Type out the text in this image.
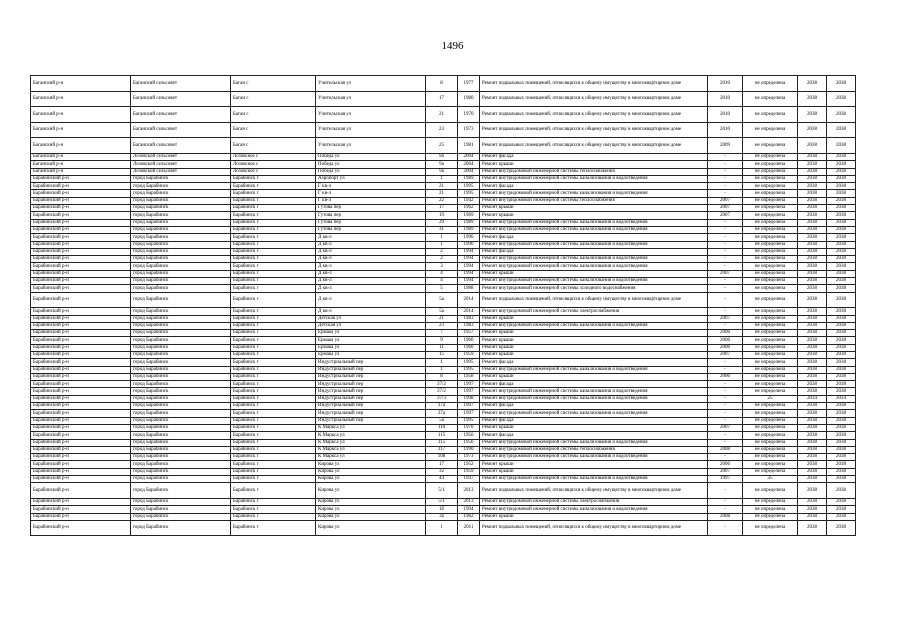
1496
Баганский р-н	Баганский сельсовет	Баган с	Учительская ул	8	1977	Ремонт подвальных помещений, относящихся к общему имуществу в многоквартирном доме	2010	не определена	2038	2038
Баганский р-н	Баганский сельсовет	Баган с	Учительская ул	17	1980	Ремонт подвальных помещений, относящихся к общему имуществу в многоквартирном доме	2010	не определена	2038	2038
Баганский р-н	Баганский сельсовет	Баган с	Учительская ул	21	1970	Ремонт подвальных помещений, относящихся к общему имуществу в многоквартирном доме	2010	не определена	2038	2038
Баганский р-н	Баганский сельсовет	Баган с	Учительская ул	23	1973	Ремонт подвальных помещений, относящихся к общему имуществу в многоквартирном доме	2010	не определена	2038	2038
Баганский р-н	Баганский сельсовет	Баган с	Учительская ул	25	1981	Ремонт подвальных помещений, относящихся к общему имуществу в многоквартирном доме	2009	не определена	2038	2038
Баганский р-н	Лозовской сельсовет	Лозовское с	Победа ул	9а	2004	Ремонт фасада	-	не определена	2038	2038
Баганский р-н	Лозовской сельсовет	Лозовское с	Победа ул	9а	2004	Ремонт крыши	-	не определена	2038	2038
Баганский р-н	Лозовской сельсовет	Лозовское с	Победа ул	9а	2004	Ремонт внутридомовой инженерной системы теплоснабжения	-	не определена	2038	2038
Барабинский р-н	город Барабинск	Барабинск г	Аэропорт ул	1	1989	Ремонт внутридомовой инженерной системы канализования и водоотведения	-	не определена	2038	2038
Барабинский р-н	город Барабинск	Барабинск г	Г кв-л	21	1995	Ремонт фасада	-	не определена	2038	2038
Барабинский р-н	город Барабинск	Барабинск г	Г кв-л	21	1995	Ремонт внутридомовой инженерной системы канализования и водоотведения	-	не определена	2038	2038
Барабинский р-н	город Барабинск	Барабинск г	Г кв-л	22	1942	Ремонт внутридомовой инженерной системы теплоснабжения	2007	не определена	2038	2038
Барабинский р-н	город Барабинск	Барабинск г	Гутова пер	17	1962	Ремонт крыши	2007	не определена	2038	2038
Барабинский р-н	город Барабинск	Барабинск г	Гутова пер	19	1969	Ремонт крыши	2007	не определена	2038	2038
Барабинский р-н	город Барабинск	Барабинск г	Гутова пер	29	1989	Ремонт внутридомовой инженерной системы канализования и водоотведения	-	не определена	2038	2038
Барабинский р-н	город Барабинск	Барабинск г	Гутова пер	31	1989	Ремонт внутридомовой инженерной системы канализования и водоотведения	-	не определена	2038	2038
Барабинский р-н	город Барабинск	Барабинск г	Д кв-л	1	1996	Ремонт фасада	-	не определена	2038	2038
Барабинский р-н	город Барабинск	Барабинск г	Д кв-л	1	1996	Ремонт внутридомовой инженерной системы канализования и водоотведения	-	не определена	2038	2038
Барабинский р-н	город Барабинск	Барабинск г	Д кв-л	2	1994	Ремонт фасада	-	не определена	2038	2038
Барабинский р-н	город Барабинск	Барабинск г	Д кв-л	2	1994	Ремонт внутридомовой инженерной системы канализования и водоотведения	-	не определена	2038	2038
Барабинский р-н	город Барабинск	Барабинск г	Д кв-л	3	1994	Ремонт внутридомовой инженерной системы канализования и водоотведения	-	не определена	2038	2038
Барабинский р-н	город Барабинск	Барабинск г	Д кв-л	4	1994	Ремонт крыши	2007	не определена	2038	2038
Барабинский р-н	город Барабинск	Барабинск г	Д кв-л	4	1994	Ремонт внутридомовой инженерной системы канализования и водоотведения	-	не определена	2038	2038
Барабинский р-н	город Барабинск	Барабинск г	Д кв-л	5	1988	Ремонт внутридомовой инженерной системы холодного водоснабжения	-	не определена	2038	2038
Барабинский р-н	город Барабинск	Барабинск г	Д кв-л	5а	2014	Ремонт подвальных помещений, относящихся к общему имуществу в многоквартирном доме	-	не определена	2038	2038
Барабинский р-н	город Барабинск	Барабинск г	Д кв-л	5а	2014	Ремонт внутридомовой инженерной системы электроснабжения	-	не определена	2038	2038
Барабинский р-н	город Барабинск	Барабинск г	Детская ул	21	1983	Ремонт крыши	2007	не определена	2038	2038
Барабинский р-н	город Барабинск	Барабинск г	Детская ул	23	1983	Ремонт внутридомовой инженерной системы канализования и водоотведения	-	не определена	2038	2038
Барабинский р-н	город Барабинск	Барабинск г	Ермака ул	7	1957	Ремонт крыши	2006	не определена	2038	2038
Барабинский р-н	город Барабинск	Барабинск г	Ермака ул	9	1960	Ремонт крыши	2006	не определена	2038	2038
Барабинский р-н	город Барабинск	Барабинск г	Ермака ул	11	1960	Ремонт крыши	2006	не определена	2038	2038
Барабинский р-н	город Барабинск	Барабинск г	Ермака ул	15	1959	Ремонт крыши	2007	не определена	2038	2038
Барабинский р-н	город Барабинск	Барабинск г	Индустриальный пер	1	1995	Ремонт фасада	-	не определена	2038	2038
Барабинский р-н	город Барабинск	Барабинск г	Индустриальный пер	1	1995	Ремонт внутридомовой инженерной системы канализования и водоотведения	-	не определена	2038	2038
Барабинский р-н	город Барабинск	Барабинск г	Индустриальный пер	8	1958	Ремонт крыши	2006	не определена	2038	2038
Барабинский р-н	город Барабинск	Барабинск г	Индустриальный пер	37/2	1997	Ремонт фасада	-	не определена	2038	2038
Барабинский р-н	город Барабинск	Барабинск г	Индустриальный пер	37/2	1997	Ремонт внутридомовой инженерной системы канализования и водоотведения	-	не определена	2038	2038
Барабинский р-н	город Барабинск	Барабинск г	Индустриальный пер	37/3	1998	Ремонт внутридомовой инженерной системы канализования и водоотведения	-	25	2034	2034
Барабинский р-н	город Барабинск	Барабинск г	Индустриальный пер	37а	1997	Ремонт фасада	-	не определена	2038	2038
Барабинский р-н	город Барабинск	Барабинск г	Индустриальный пер	37а	1997	Ремонт внутридомовой инженерной системы канализования и водоотведения	-	не определена	2038	2038
Барабинский р-н	город Барабинск	Барабинск г	Индустриальный пер	5а	1995	Ремонт фасада	-	не определена	2038	2038
Барабинский р-н	город Барабинск	Барабинск г	К Маркса ул	110	1970	Ремонт крыши	2007	не определена	2038	2038
Барабинский р-н	город Барабинск	Барабинск г	К Маркса ул	115	1956	Ремонт фасада	-	не определена	2038	2038
Барабинский р-н	город Барабинск	Барабинск г	К Маркса ул	115	1956	Ремонт внутридомовой инженерной системы канализования и водоотведения	-	не определена	2038	2038
Барабинский р-н	город Барабинск	Барабинск г	К Маркса ул	117	1990	Ремонт внутридомовой инженерной системы теплоснабжения	2008	не определена	2038	2038
Барабинский р-н	город Барабинск	Барабинск г	К Маркса ул	108	1973	Ремонт внутридомовой инженерной системы канализования и водоотведения	-	не определена	2038	2038
Барабинский р-н	город Барабинск	Барабинск г	Кирова ул	17	1952	Ремонт крыши	2006	не определена	2038	2038
Барабинский р-н	город Барабинск	Барабинск г	Кирова ул	32	1959	Ремонт крыши	2007	не определена	2038	2038
Барабинский р-н	город Барабинск	Барабинск г	Кирова ул	44	1947	Ремонт внутридомовой инженерной системы канализования и водоотведения	1997	35	2038	2038
Барабинский р-н	город Барабинск	Барабинск г	Кирова ул	5/1	2013	Ремонт подвальных помещений, относящихся к общему имуществу в многоквартирном доме	-	не определена	2038	2038
Барабинский р-н	город Барабинск	Барабинск г	Кирова ул	5/1	2013	Ремонт внутридомовой инженерной системы электроснабжения	-	не определена	2038	2038
Барабинский р-н	город Барабинск	Барабинск г	Кирова ул	1б	1994	Ремонт внутридомовой инженерной системы канализования и водоотведения	-	не определена	2038	2038
Барабинский р-н	город Барабинск	Барабинск г	Кирова ул	3а	1982	Ремонт крыши	2008	не определена	2038	2038
Барабинский р-н	город Барабинск	Барабинск г	Кирова ул	1	2011	Ремонт подвальных помещений, относящихся к общему имуществу в многоквартирном доме	-	не определена	2038	2038
